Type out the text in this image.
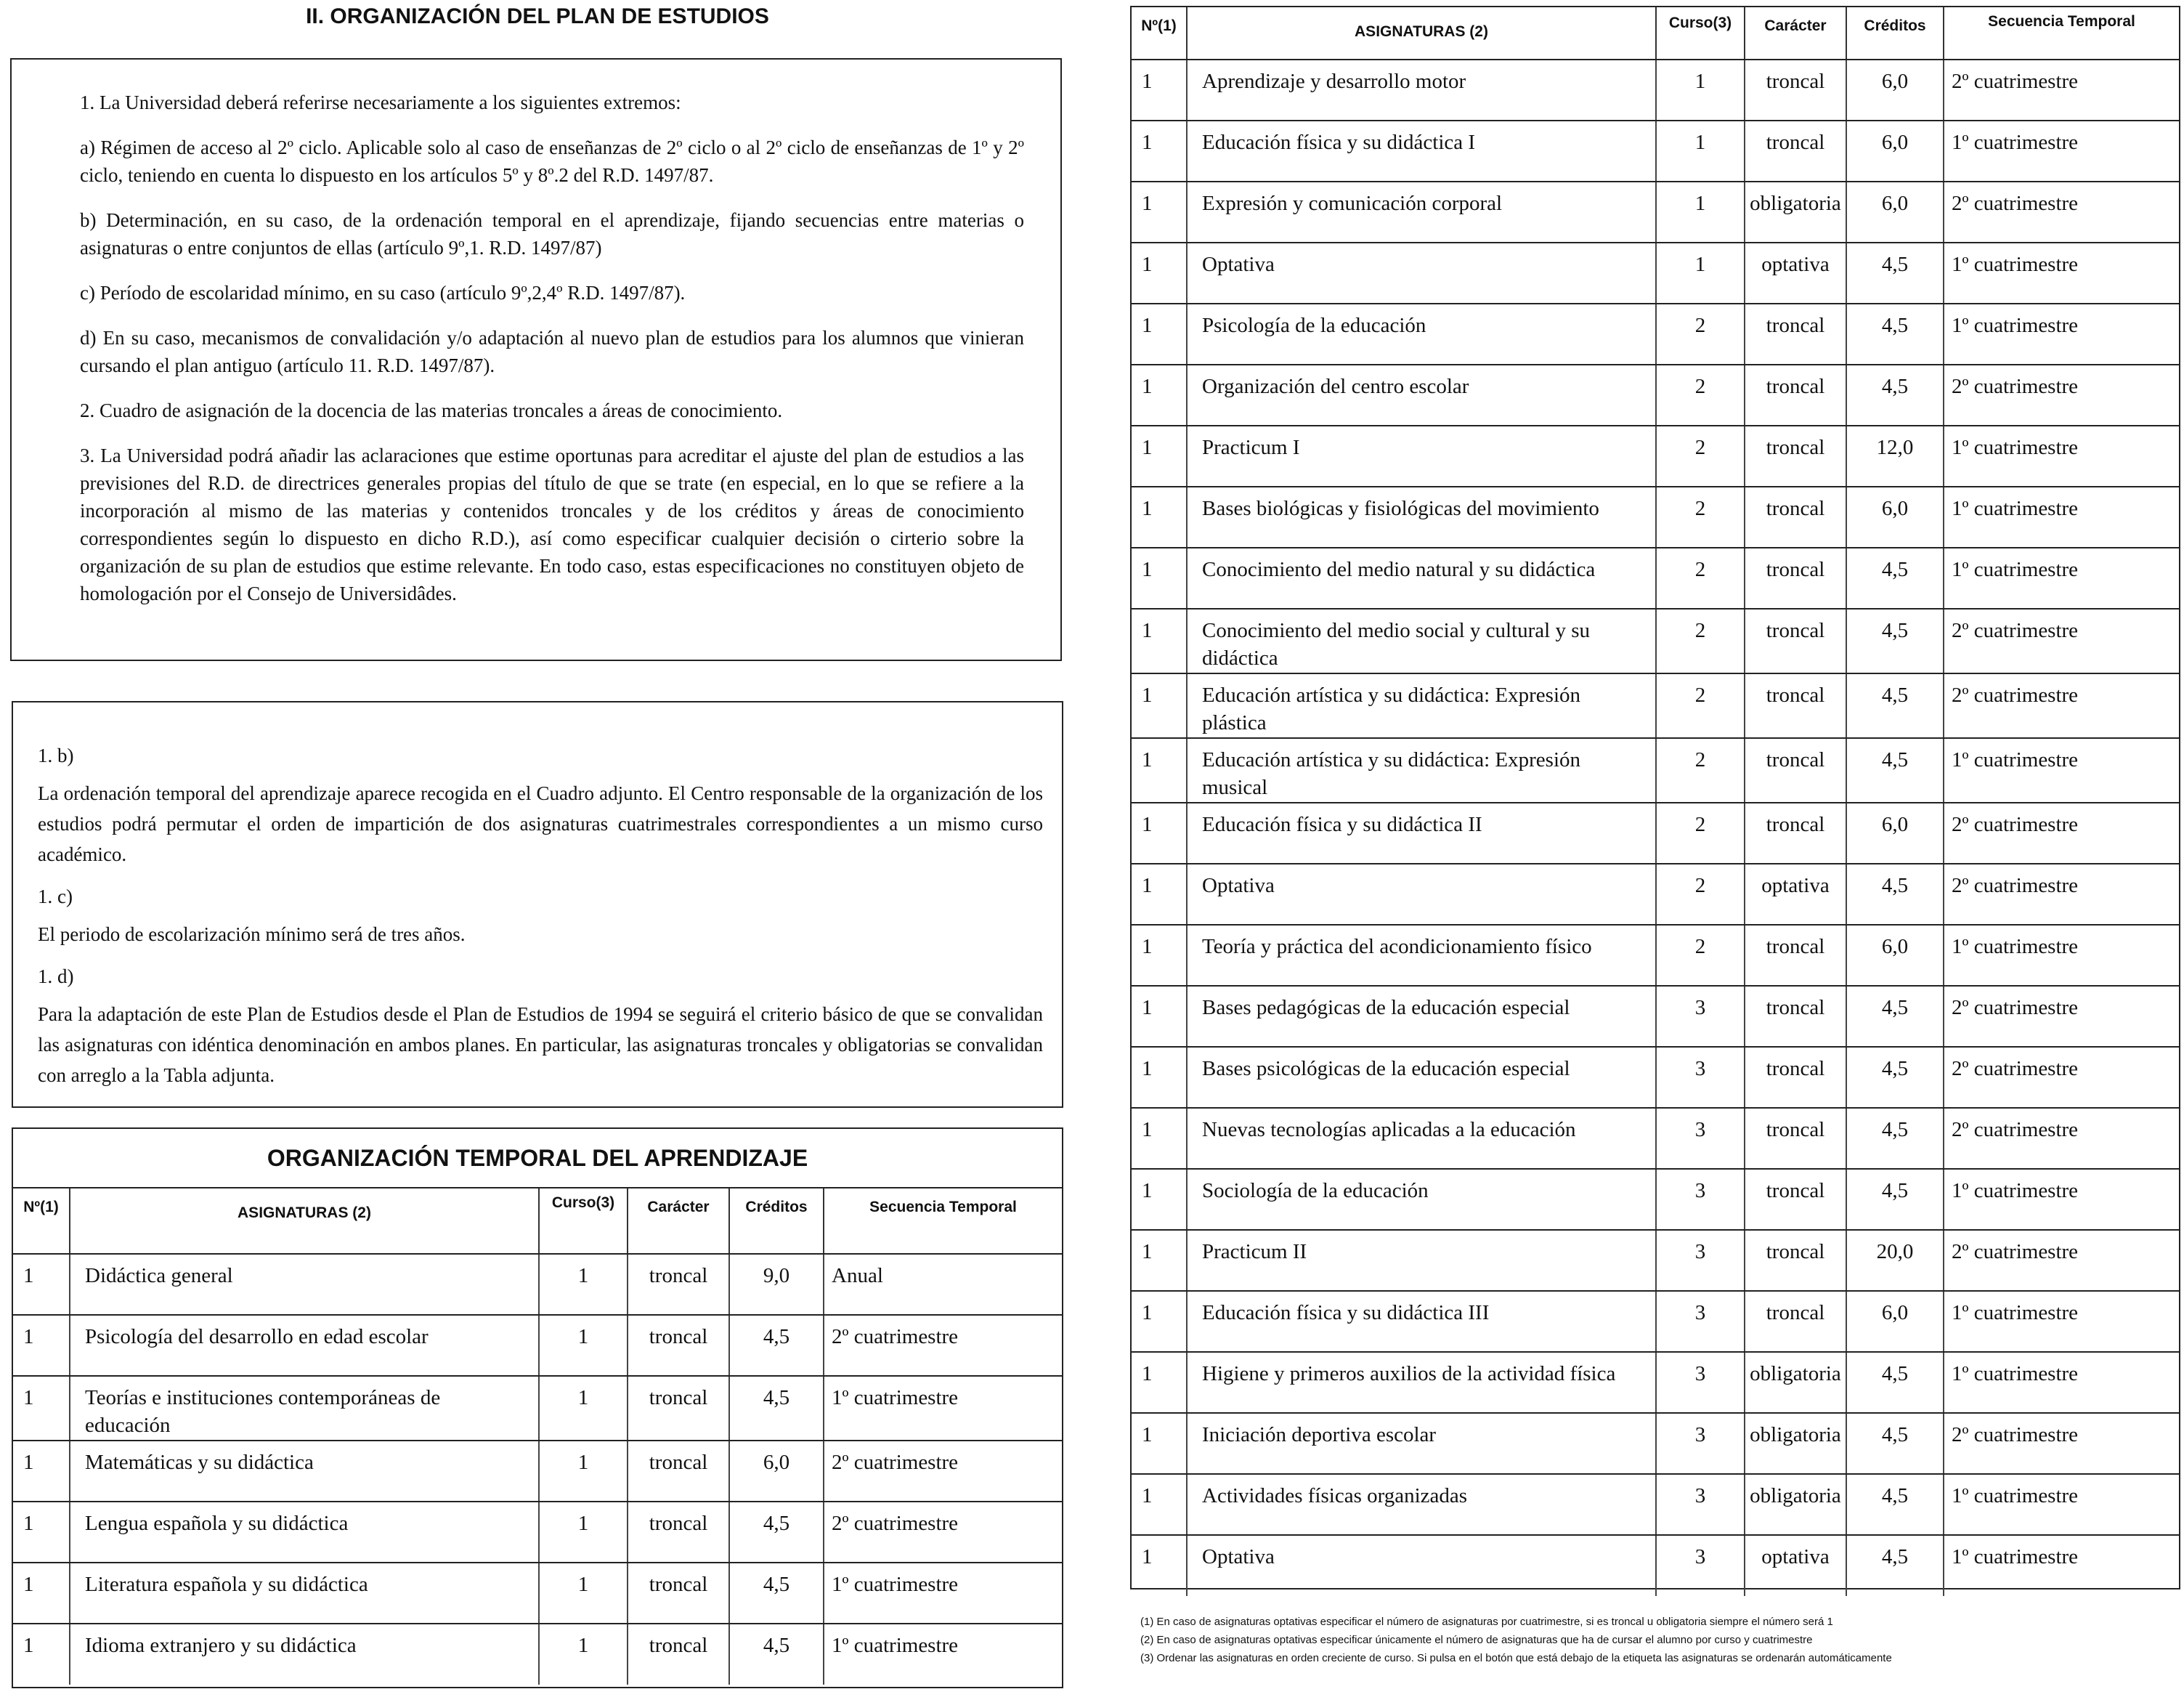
II. ORGANIZACIÓN DEL PLAN DE ESTUDIOS

1. La Universidad deberá referirse necesariamente a los siguientes extremos:

a) Régimen de acceso al 2º ciclo. Aplicable solo al caso de enseñanzas de 2º ciclo o al 2º ciclo de enseñanzas de 1º y 2º ciclo, teniendo en cuenta lo dispuesto en los artículos 5º y 8º.2 del R.D. 1497/87.

b) Determinación, en su caso, de la ordenación temporal en el aprendizaje, fijando secuencias entre materias o asignaturas o entre conjuntos de ellas (artículo 9º,1. R.D. 1497/87)

c) Período de escolaridad mínimo, en su caso (artículo 9º,2,4º R.D. 1497/87).

d) En su caso, mecanismos de convalidación y/o adaptación al nuevo plan de estudios para los alumnos que vinieran cursando el plan antiguo (artículo 11. R.D. 1497/87).

2. Cuadro de asignación de la docencia de las materias troncales a áreas de conocimiento.

3. La Universidad podrá añadir las aclaraciones que estime oportunas para acreditar el ajuste del plan de estudios a las previsiones del R.D. de directrices generales propias del título de que se trate (en especial, en lo que se refiere a la incorporación al mismo de las materias y contenidos troncales y de los créditos y áreas de conocimiento correspondientes según lo dispuesto en dicho R.D.), así como especificar cualquier decisión o cirterio sobre la organización de su plan de estudios que estime relevante. En todo caso, estas especificaciones no constituyen objeto de homologación por el Consejo de Universidâdes.

1. b)

La ordenación temporal del aprendizaje aparece recogida en el Cuadro adjunto. El Centro responsable de la organización de los estudios podrá permutar el orden de impartición de dos asignaturas cuatrimestrales correspondientes a un mismo curso académico.

1. c)

El periodo de escolarización mínimo será de tres años.

1. d)

Para la adaptación de este Plan de Estudios desde el Plan de Estudios de 1994 se seguirá el criterio básico de que se convalidan las asignaturas con idéntica denominación en ambos planes. En particular, las asignaturas troncales y obligatorias se convalidan con arreglo a la Tabla adjunta.

ORGANIZACIÓN TEMPORAL DEL APRENDIZAJE
Nº(1)	ASIGNATURAS (2)	Curso(3)	Carácter	Créditos	Secuencia Temporal
1	Didáctica general	1	troncal	9,0	Anual
1	Psicología del desarrollo en edad escolar	1	troncal	4,5	2º cuatrimestre
1	Teorías e instituciones contemporáneas de educación	1	troncal	4,5	1º cuatrimestre
1	Matemáticas y su didáctica	1	troncal	6,0	2º cuatrimestre
1	Lengua española y su didáctica	1	troncal	4,5	2º cuatrimestre
1	Literatura española y su didáctica	1	troncal	4,5	1º cuatrimestre
1	Idioma extranjero y su didáctica	1	troncal	4,5	1º cuatrimestre
Nº(1)	ASIGNATURAS (2)	Curso(3)	Carácter	Créditos	Secuencia Temporal
1	Aprendizaje y desarrollo motor	1	troncal	6,0	2º cuatrimestre
1	Educación física y su didáctica I	1	troncal	6,0	1º cuatrimestre
1	Expresión y comunicación corporal	1	obligatoria	6,0	2º cuatrimestre
1	Optativa	1	optativa	4,5	1º cuatrimestre
1	Psicología de la educación	2	troncal	4,5	1º cuatrimestre
1	Organización del centro escolar	2	troncal	4,5	2º cuatrimestre
1	Practicum I	2	troncal	12,0	1º cuatrimestre
1	Bases biológicas y fisiológicas del movimiento	2	troncal	6,0	1º cuatrimestre
1	Conocimiento del medio natural y su didáctica	2	troncal	4,5	1º cuatrimestre
1	Conocimiento del medio social y cultural y su didáctica	2	troncal	4,5	2º cuatrimestre
1	Educación artística y su didáctica: Expresión plástica	2	troncal	4,5	2º cuatrimestre
1	Educación artística y su didáctica: Expresión musical	2	troncal	4,5	1º cuatrimestre
1	Educación física y su didáctica II	2	troncal	6,0	2º cuatrimestre
1	Optativa	2	optativa	4,5	2º cuatrimestre
1	Teoría y práctica del acondicionamiento físico	2	troncal	6,0	1º cuatrimestre
1	Bases pedagógicas de la educación especial	3	troncal	4,5	2º cuatrimestre
1	Bases psicológicas de la educación especial	3	troncal	4,5	2º cuatrimestre
1	Nuevas tecnologías aplicadas a la educación	3	troncal	4,5	2º cuatrimestre
1	Sociología de la educación	3	troncal	4,5	1º cuatrimestre
1	Practicum II	3	troncal	20,0	2º cuatrimestre
1	Educación física y su didáctica III	3	troncal	6,0	1º cuatrimestre
1	Higiene y primeros auxilios de la actividad física	3	obligatoria	4,5	1º cuatrimestre
1	Iniciación deportiva escolar	3	obligatoria	4,5	2º cuatrimestre
1	Actividades físicas organizadas	3	obligatoria	4,5	1º cuatrimestre
1	Optativa	3	optativa	4,5	1º cuatrimestre
(1) En caso de asignaturas optativas especificar el número de asignaturas por cuatrimestre, si es troncal u obligatoria siempre el número será 1
(2) En caso de asignaturas optativas especificar únicamente el número de asignaturas que ha de cursar el alumno por curso y cuatrimestre
(3) Ordenar las asignaturas en orden creciente de curso. Si pulsa en el botón que está debajo de la etiqueta las asignaturas se ordenarán automáticamente
